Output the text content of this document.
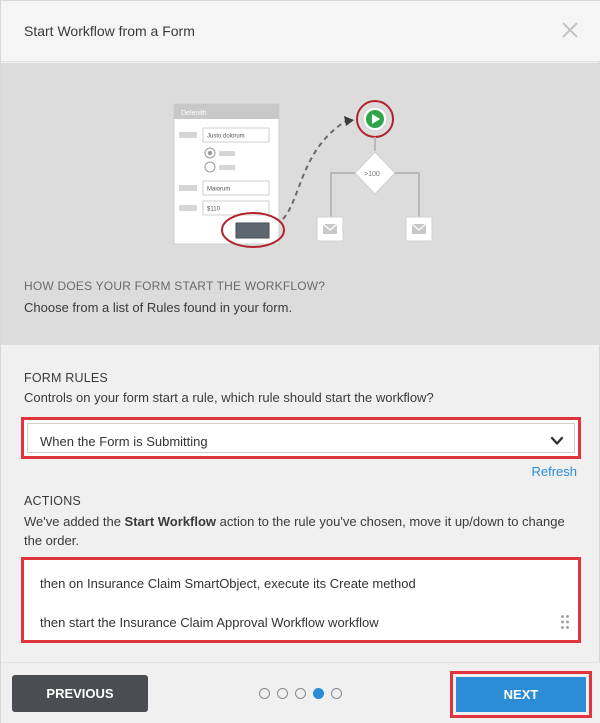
Start Workflow from a Form
Delenith
Justo dolorum
Maiorum
$110
>100
HOW DOES YOUR FORM START THE WORKFLOW?
Choose from a list of Rules found in your form.
FORM RULES
Controls on your form start a rule, which rule should start the workflow?
When the Form is Submitting
Refresh
ACTIONS
We've added the Start Workflow action to the rule you've chosen, move it up/down to change the order.
then on Insurance Claim SmartObject, execute its Create method
then start the Insurance Claim Approval Workflow workflow
PREVIOUS	NEXT
